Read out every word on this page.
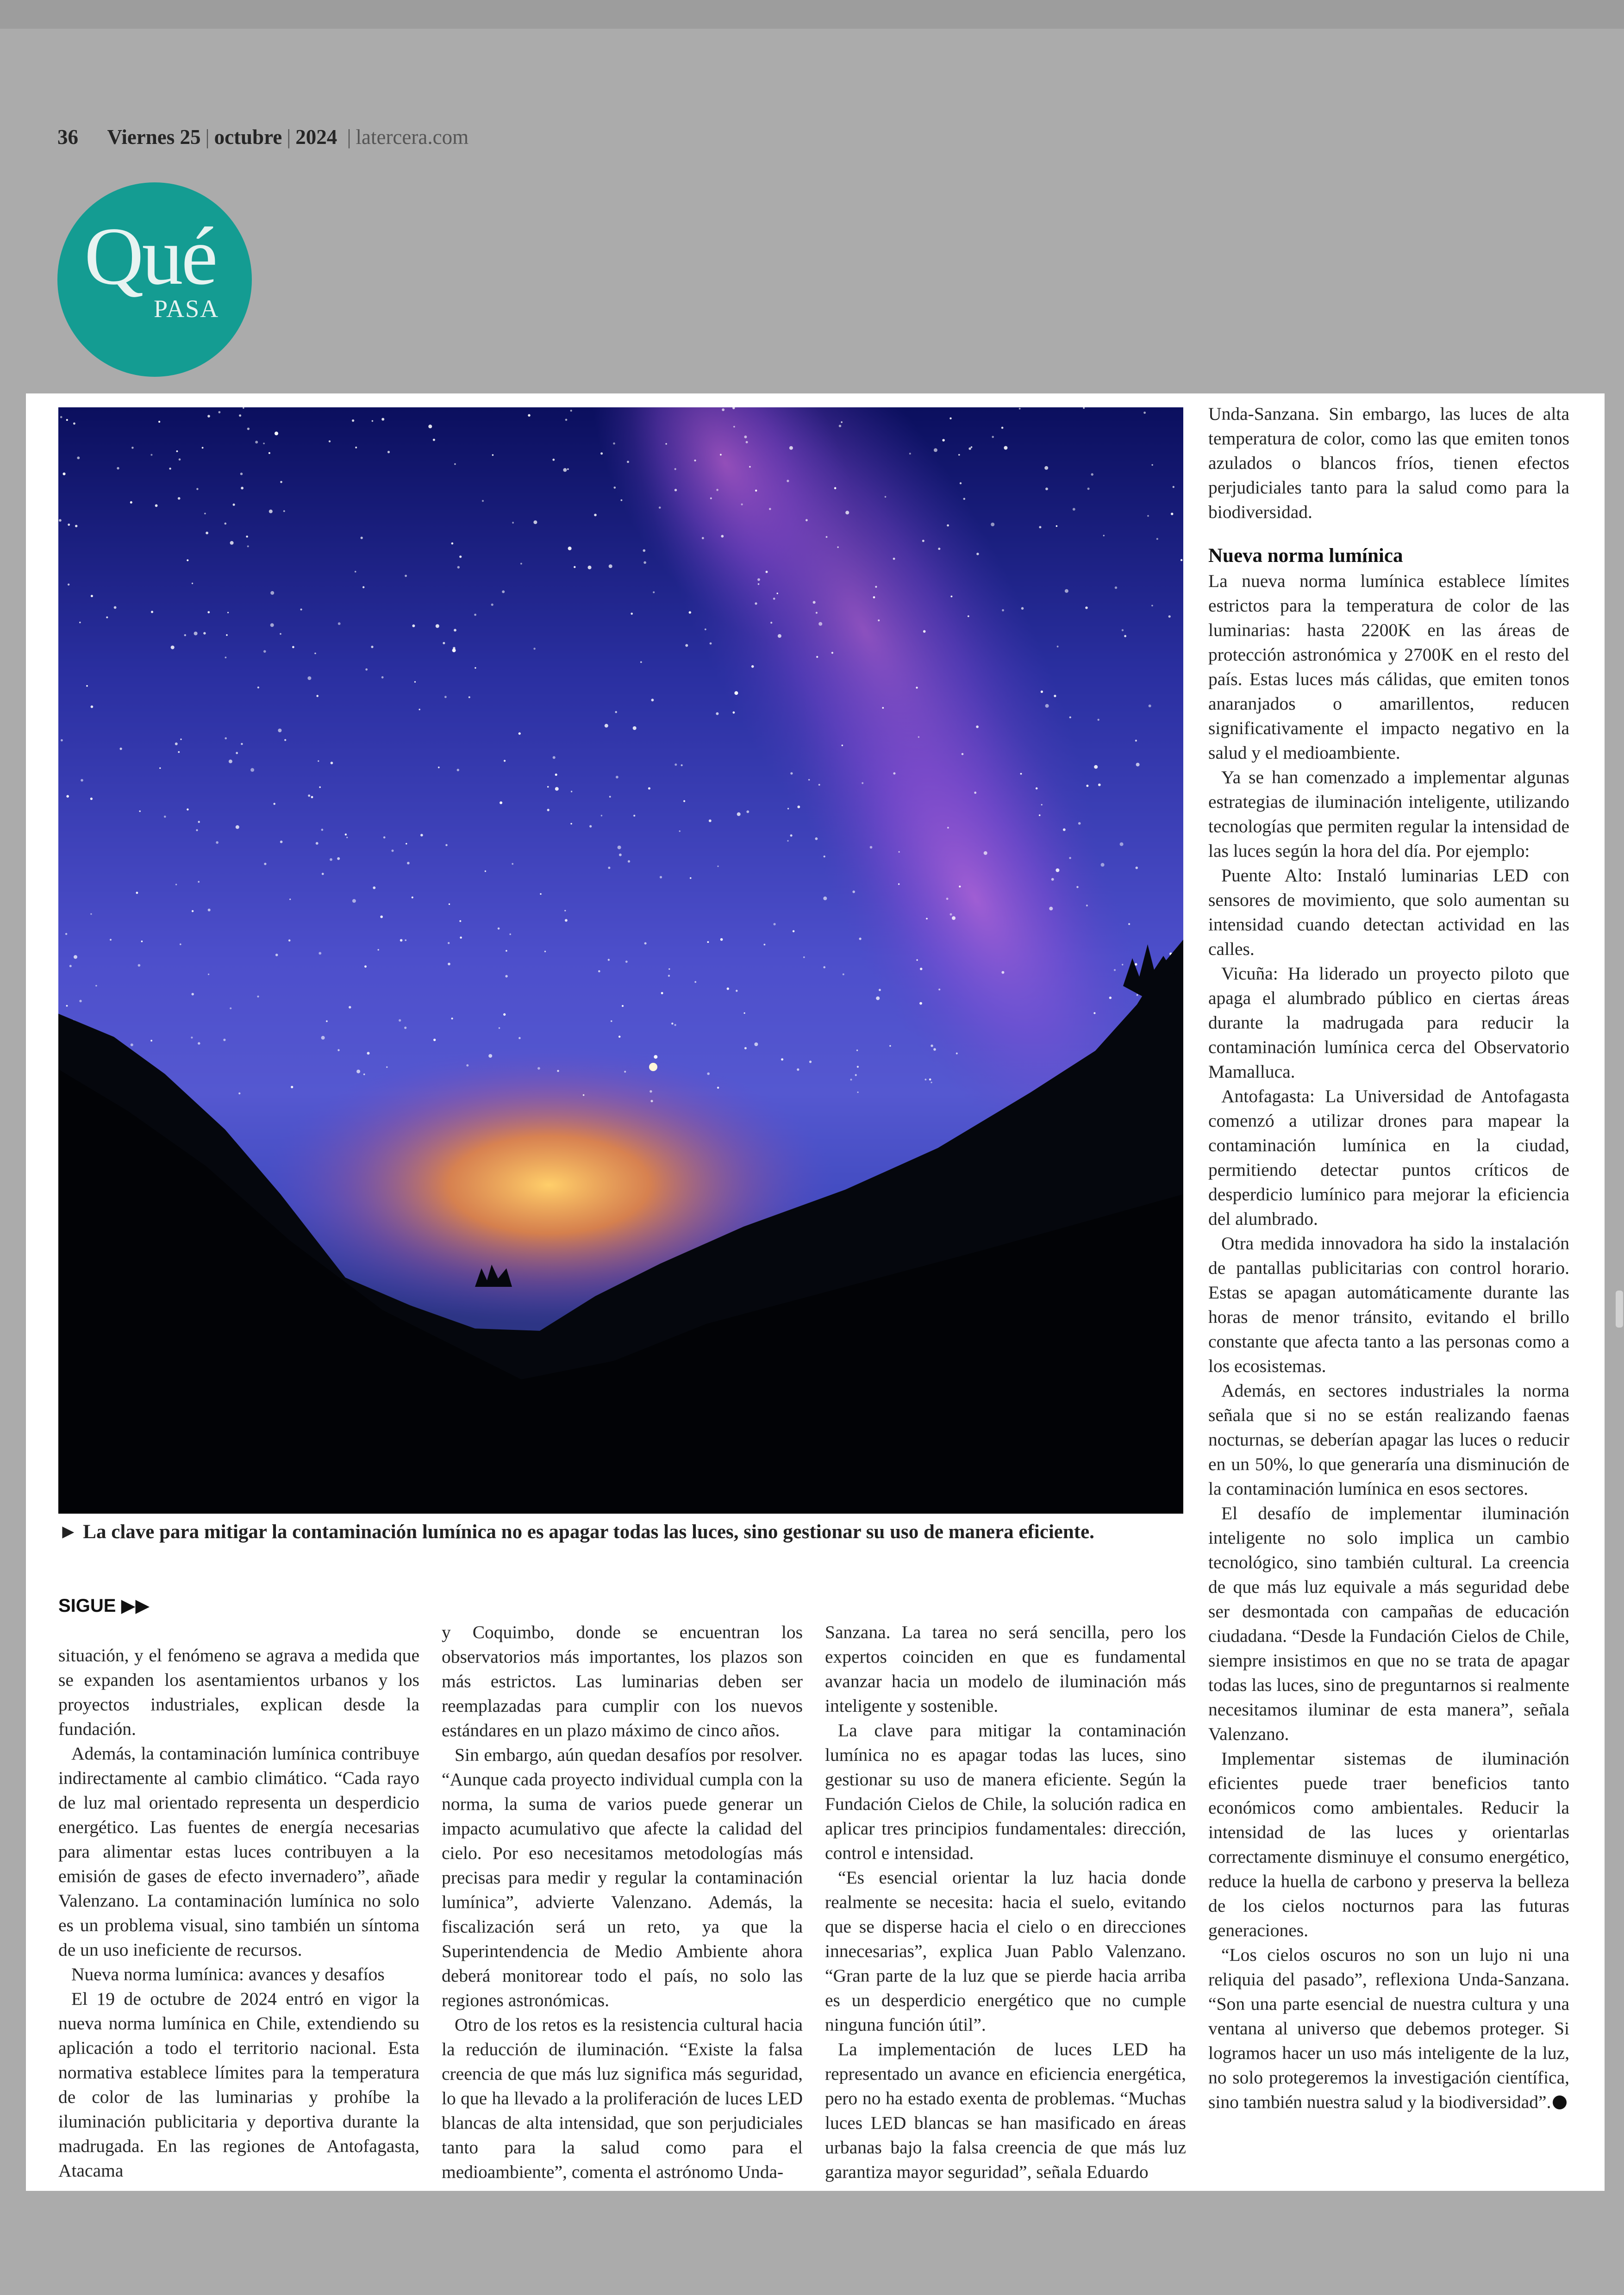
36 Viernes 25 | octubre | 2024 | latercera.com
Qué
PASA
► La clave para mitigar la contaminación lumínica no es apagar todas las luces, sino gestionar su uso de manera eficiente.
SIGUE ▶▶

situación, y el fenómeno se agrava a medida que se expanden los asentamientos urbanos y los proyectos industriales, explican desde la fundación.

Además, la contaminación lumínica contribuye indirectamente al cambio climático. “Cada rayo de luz mal orientado representa un desperdicio energético. Las fuentes de energía necesarias para alimentar estas luces contribuyen a la emisión de gases de efecto invernadero”, añade Valenzano. La contaminación lumínica no solo es un problema visual, sino también un síntoma de un uso ineficiente de recursos.

Nueva norma lumínica: avances y desafíos

El 19 de octubre de 2024 entró en vigor la nueva norma lumínica en Chile, extendiendo su aplicación a todo el territorio nacional. Esta normativa establece límites para la temperatura de color de las luminarias y prohíbe la iluminación publicitaria y deportiva durante la madrugada. En las regiones de Antofagasta, Atacama

y Coquimbo, donde se encuentran los observatorios más importantes, los plazos son más estrictos. Las luminarias deben ser reemplazadas para cumplir con los nuevos estándares en un plazo máximo de cinco años.

Sin embargo, aún quedan desafíos por resolver. “Aunque cada proyecto individual cumpla con la norma, la suma de varios puede generar un impacto acumulativo que afecte la calidad del cielo. Por eso necesitamos metodologías más precisas para medir y regular la contaminación lumínica”, advierte Valenzano. Además, la fiscalización será un reto, ya que la Superintendencia de Medio Ambiente ahora deberá monitorear todo el país, no solo las regiones astronómicas.

Otro de los retos es la resistencia cultural hacia la reducción de iluminación. “Existe la falsa creencia de que más luz significa más seguridad, lo que ha llevado a la proliferación de luces LED blancas de alta intensidad, que son perjudiciales tanto para la salud como para el medioambiente”, comenta el astrónomo Unda-

Sanzana. La tarea no será sencilla, pero los expertos coinciden en que es fundamental avanzar hacia un modelo de iluminación más inteligente y sostenible.

La clave para mitigar la contaminación lumínica no es apagar todas las luces, sino gestionar su uso de manera eficiente. Según la Fundación Cielos de Chile, la solución radica en aplicar tres principios fundamentales: dirección, control e intensidad.

“Es esencial orientar la luz hacia donde realmente se necesita: hacia el suelo, evitando que se disperse hacia el cielo o en direcciones innecesarias”, explica Juan Pablo Valenzano. “Gran parte de la luz que se pierde hacia arriba es un desperdicio energético que no cumple ninguna función útil”.

La implementación de luces LED ha representado un avance en eficiencia energética, pero no ha estado exenta de problemas. “Muchas luces LED blancas se han masificado en áreas urbanas bajo la falsa creencia de que más luz garantiza mayor seguridad”, señala Eduardo

Unda-Sanzana. Sin embargo, las luces de alta temperatura de color, como las que emiten tonos azulados o blancos fríos, tienen efectos perjudiciales tanto para la salud como para la biodiversidad.

Nueva norma lumínica

La nueva norma lumínica establece límites estrictos para la temperatura de color de las luminarias: hasta 2200K en las áreas de protección astronómica y 2700K en el resto del país. Estas luces más cálidas, que emiten tonos anaranjados o amarillentos, reducen significativamente el impacto negativo en la salud y el medioambiente.

Ya se han comenzado a implementar algunas estrategias de iluminación inteligente, utilizando tecnologías que permiten regular la intensidad de las luces según la hora del día. Por ejemplo:

Puente Alto: Instaló luminarias LED con sensores de movimiento, que solo aumentan su intensidad cuando detectan actividad en las calles.

Vicuña: Ha liderado un proyecto piloto que apaga el alumbrado público en ciertas áreas durante la madrugada para reducir la contaminación lumínica cerca del Observatorio Mamalluca.

Antofagasta: La Universidad de Antofagasta comenzó a utilizar drones para mapear la contaminación lumínica en la ciudad, permitiendo detectar puntos críticos de desperdicio lumínico para mejorar la eficiencia del alumbrado.

Otra medida innovadora ha sido la instalación de pantallas publicitarias con control horario. Estas se apagan automáticamente durante las horas de menor tránsito, evitando el brillo constante que afecta tanto a las personas como a los ecosistemas.

Además, en sectores industriales la norma señala que si no se están realizando faenas nocturnas, se deberían apagar las luces o reducir en un 50%, lo que generaría una disminución de la contaminación lumínica en esos sectores.

El desafío de implementar iluminación inteligente no solo implica un cambio tecnológico, sino también cultural. La creencia de que más luz equivale a más seguridad debe ser desmontada con campañas de educación ciudadana. “Desde la Fundación Cielos de Chile, siempre insistimos en que no se trata de apagar todas las luces, sino de preguntarnos si realmente necesitamos iluminar de esta manera”, señala Valenzano.

Implementar sistemas de iluminación eficientes puede traer beneficios tanto económicos como ambientales. Reducir la intensidad de las luces y orientarlas correctamente disminuye el consumo energético, reduce la huella de carbono y preserva la belleza de los cielos nocturnos para las futuras generaciones.

“Los cielos oscuros no son un lujo ni una reliquia del pasado”, reflexiona Unda-Sanzana. “Son una parte esencial de nuestra cultura y una ventana al universo que debemos proteger. Si logramos hacer un uso más inteligente de la luz, no solo protegeremos la investigación científica, sino también nuestra salud y la biodiversidad”.
